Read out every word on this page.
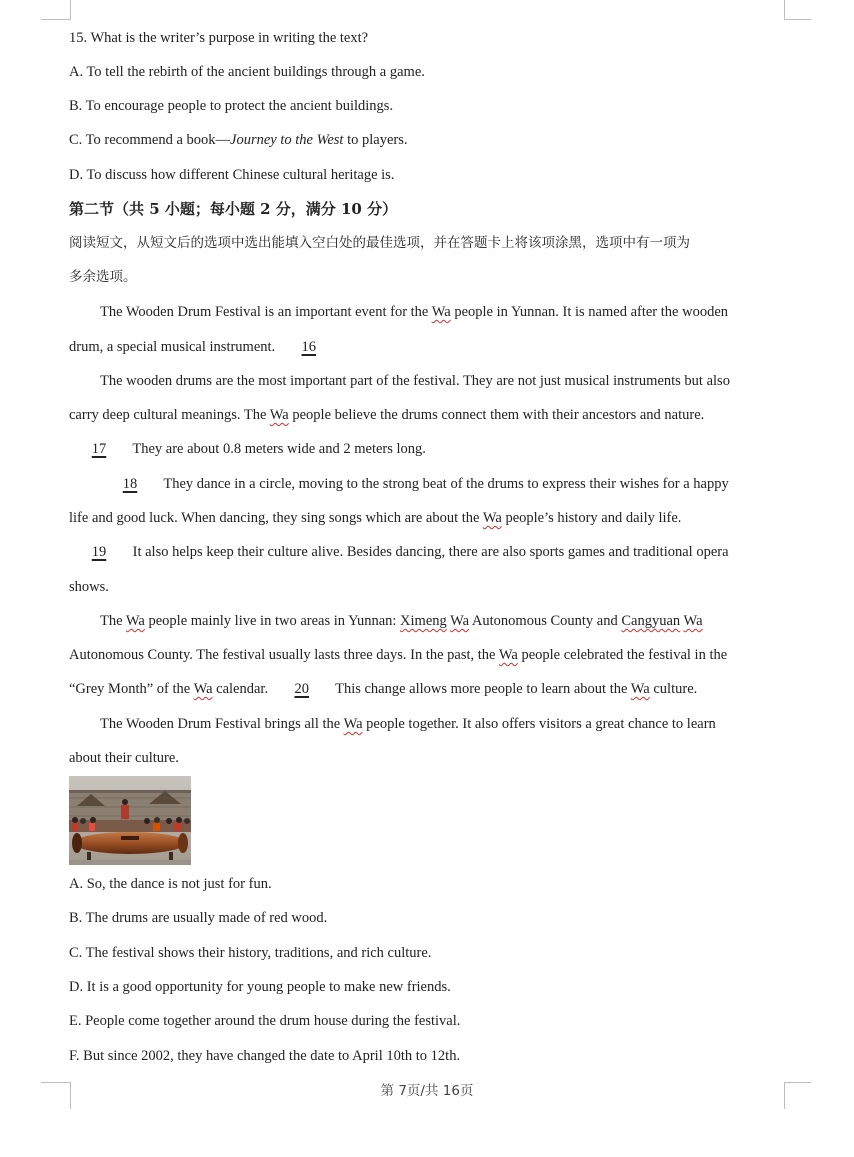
15. What is the writer’s purpose in writing the text?
A. To tell the rebirth of the ancient buildings through a game.
B. To encourage people to protect the ancient buildings.
C. To recommend a book—Journey to the West to players.
D. To discuss how different Chinese cultural heritage is.
第二节（共 5 小题；每小题 2 分，满分 10 分）
阅读短文，从短文后的选项中选出能填入空白处的最佳选项，并在答题卡上将该项涂黑，选项中有一项为
多余选项。
The Wooden Drum Festival is an important event for the Wa people in Yunnan. It is named after the wooden
drum, a special musical instrument. 16
The wooden drums are the most important part of the festival. They are not just musical instruments but also
carry deep cultural meanings. The Wa people believe the drums connect them with their ancestors and nature.
17 They are about 0.8 meters wide and 2 meters long.
18 They dance in a circle, moving to the strong beat of the drums to express their wishes for a happy
life and good luck. When dancing, they sing songs which are about the Wa people’s history and daily life.
19 It also helps keep their culture alive. Besides dancing, there are also sports games and traditional opera
shows.
The Wa people mainly live in two areas in Yunnan: Ximeng Wa Autonomous County and Cangyuan Wa
Autonomous County. The festival usually lasts three days. In the past, the Wa people celebrated the festival in the
“Grey Month” of the Wa calendar. 20 This change allows more people to learn about the Wa culture.
The Wooden Drum Festival brings all the Wa people together. It also offers visitors a great chance to learn
about their culture.
A. So, the dance is not just for fun.
B. The drums are usually made of red wood.
C. The festival shows their history, traditions, and rich culture.
D. It is a good opportunity for young people to make new friends.
E. People come together around the drum house during the festival.
F. But since 2002, they have changed the date to April 10th to 12th.
第 7页/共 16页
